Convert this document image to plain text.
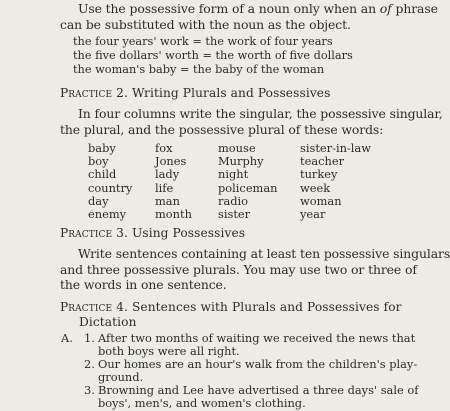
Use the possessive form of a noun only when an of phrase

can be substituted with the noun as the object.

the four years' work = the work of four years

the five dollars' worth = the worth of five dollars

the woman's baby = the baby of the woman

Practice 2. Writing Plurals and Possessives

In four columns write the singular, the possessive singular,

the plural, and the possessive plural of these words:

baby
boy
child
country
day
enemy
fox
Jones
lady
life
man
month
mouse
Murphy
night
policeman
radio
sister
sister-in-law
teacher
turkey
week
woman
year

Practice 3. Using Possessives

Write sentences containing at least ten possessive singulars

and three possessive plurals. You may use two or three of

the words in one sentence.

Practice 4. Sentences with Plurals and Possessives for

Dictation

A. 1. After two months of waiting we received the news that

both boys were all right.

2. Our homes are an hour's walk from the children's play-

ground.

3. Browning and Lee have advertised a three days' sale of

boys', men's, and women's clothing.
